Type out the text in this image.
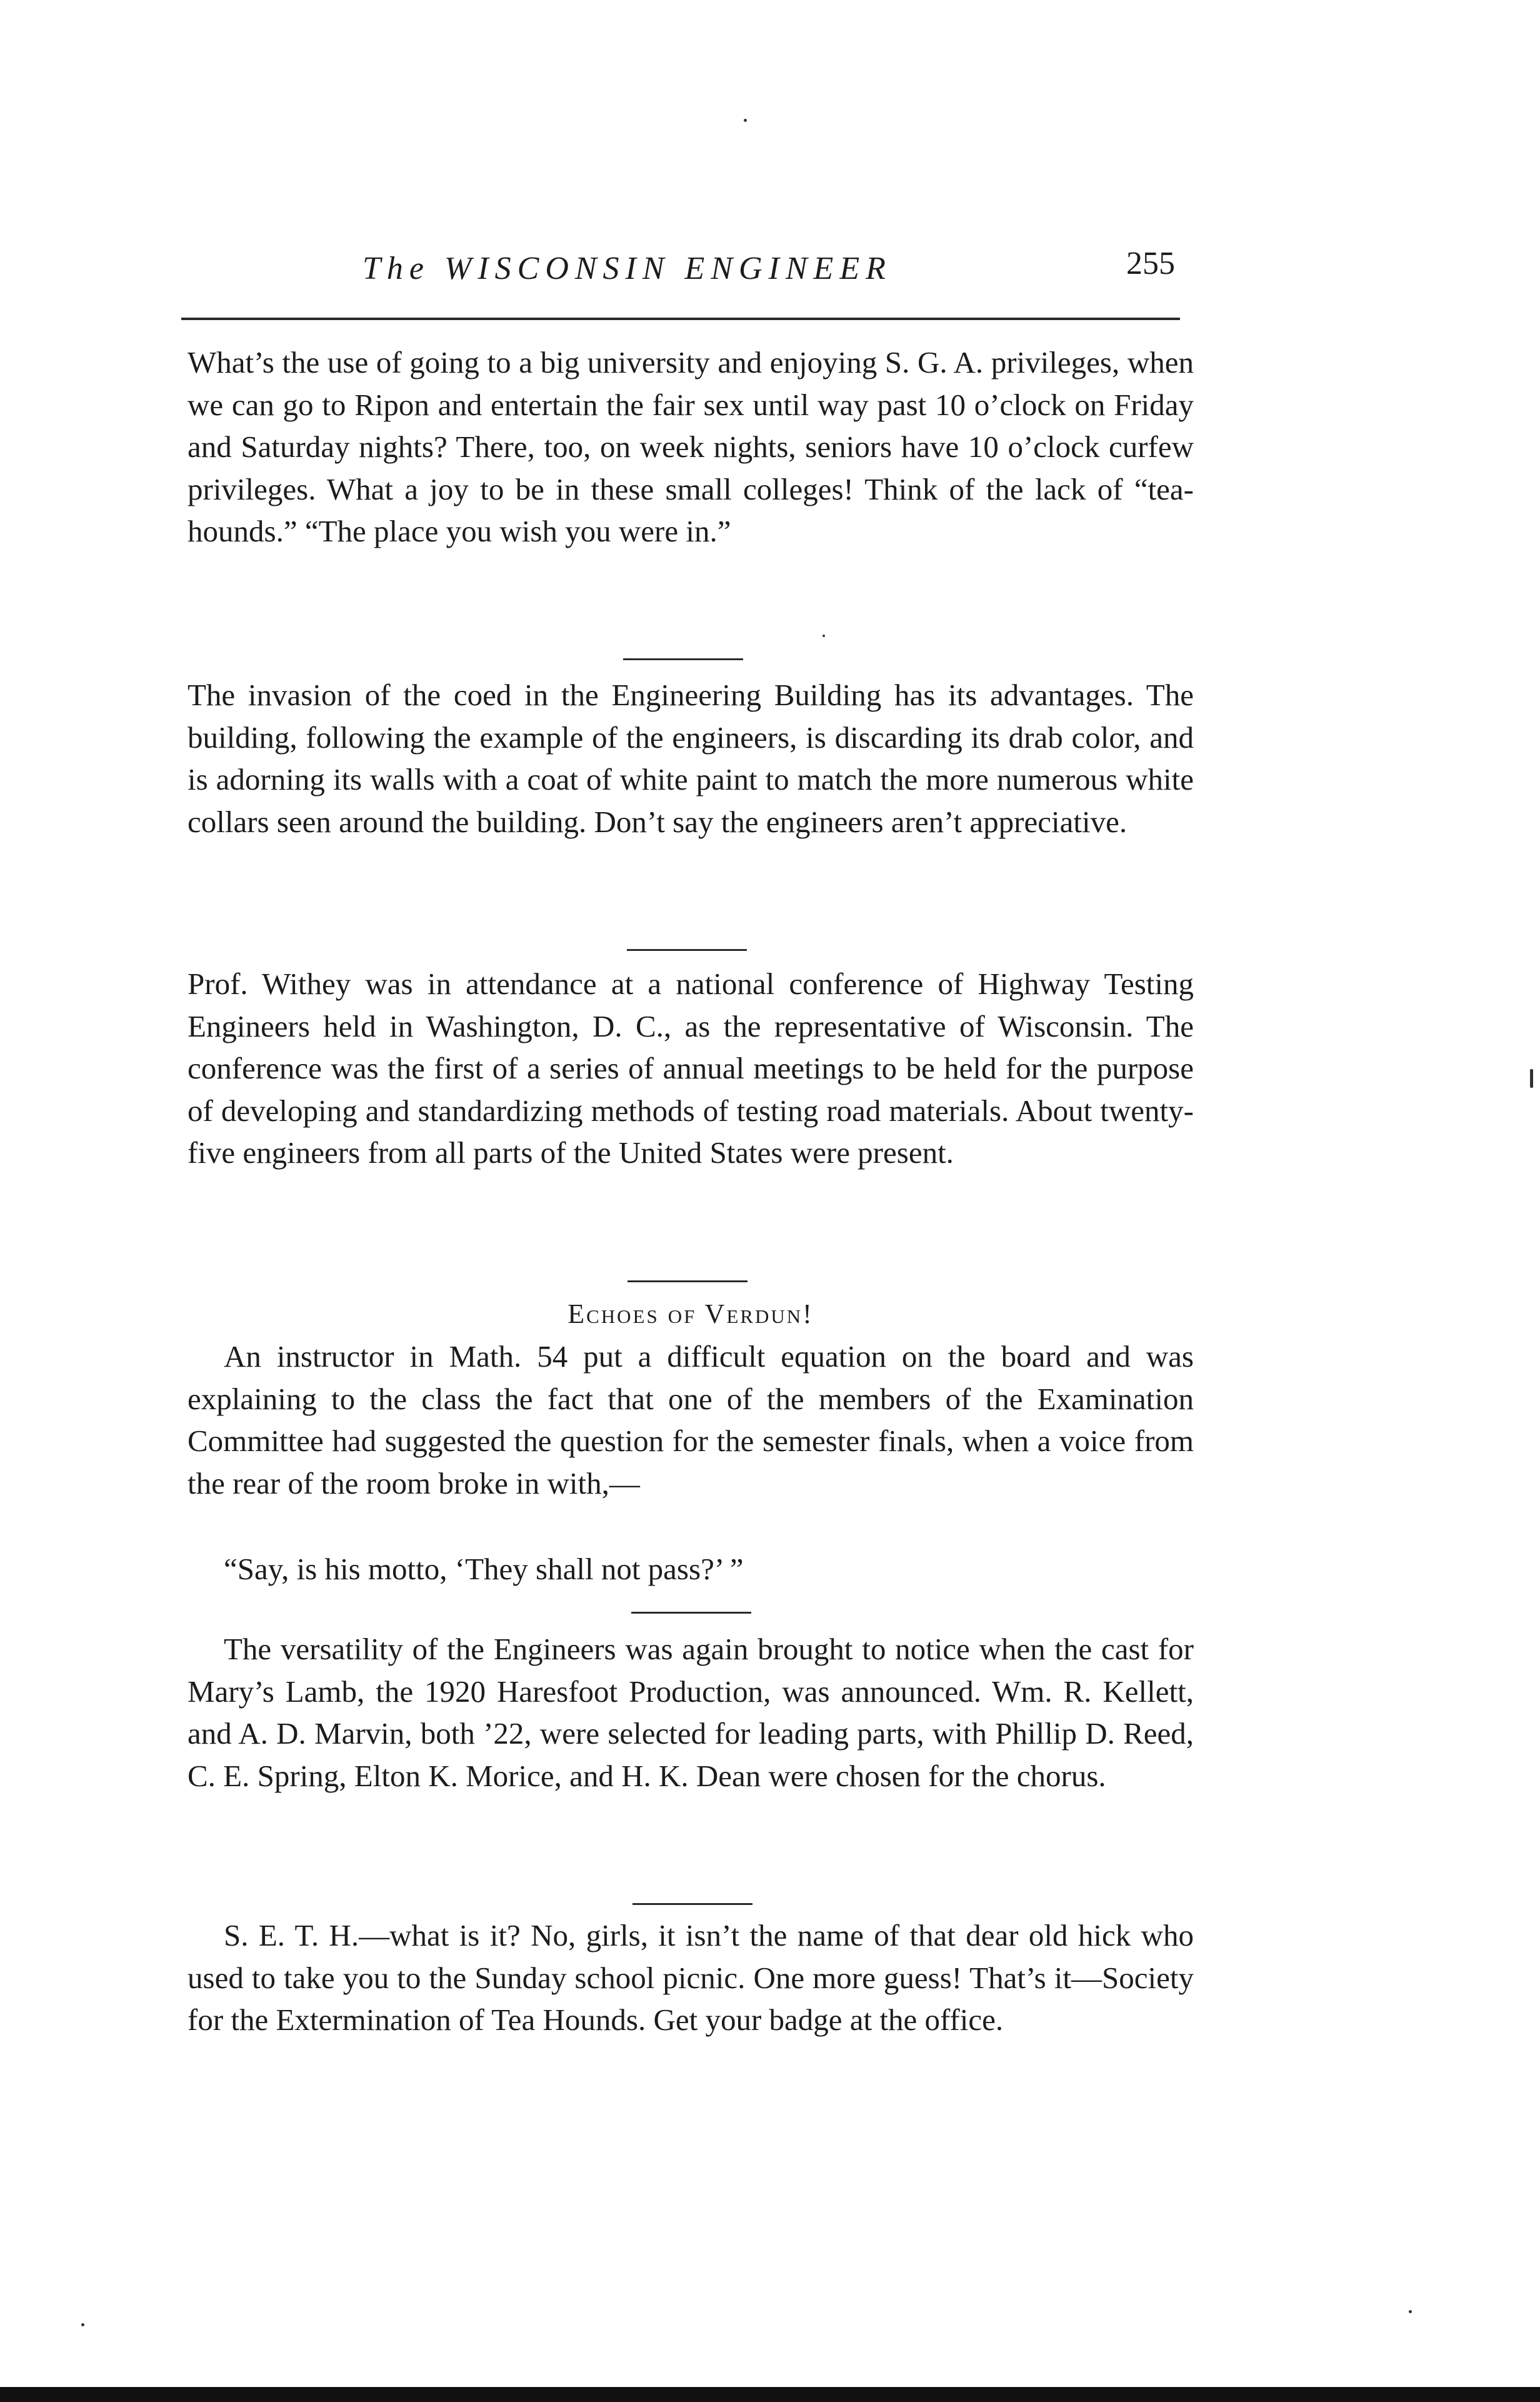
The WISCONSIN ENGINEER	255
What’s the use of going to a big university and enjoying S. G. A. privileges, when we can go to Ripon and entertain the fair sex until way past 10 o’clock on Friday and Saturday nights? There, too, on week nights, seniors have 10 o’clock curfew privileges. What a joy to be in these small colleges! Think of the lack of “tea-hounds.” “The place you wish you were in.”
The invasion of the coed in the Engineering Building has its advantages. The building, following the example of the engineers, is discarding its drab color, and is adorning its walls with a coat of white paint to match the more numerous white collars seen around the building. Don’t say the engineers aren’t appreciative.
Prof. Withey was in attendance at a national conference of Highway Testing Engineers held in Washington, D. C., as the representative of Wisconsin. The conference was the first of a series of annual meetings to be held for the purpose of developing and standardizing methods of testing road materials. About twenty-five engineers from all parts of the United States were present.
Echoes of Verdun!
An instructor in Math. 54 put a difficult equation on the board and was explaining to the class the fact that one of the members of the Examination Committee had suggested the question for the semester finals, when a voice from the rear of the room broke in with,—
“Say, is his motto, ‘They shall not pass?’ ”
The versatility of the Engineers was again brought to notice when the cast for Mary’s Lamb, the 1920 Haresfoot Production, was announced. Wm. R. Kellett, and A. D. Marvin, both ’22, were selected for leading parts, with Phillip D. Reed, C. E. Spring, Elton K. Morice, and H. K. Dean were chosen for the chorus.
S. E. T. H.—what is it? No, girls, it isn’t the name of that dear old hick who used to take you to the Sunday school picnic. One more guess! That’s it—Society for the Extermination of Tea Hounds. Get your badge at the office.
